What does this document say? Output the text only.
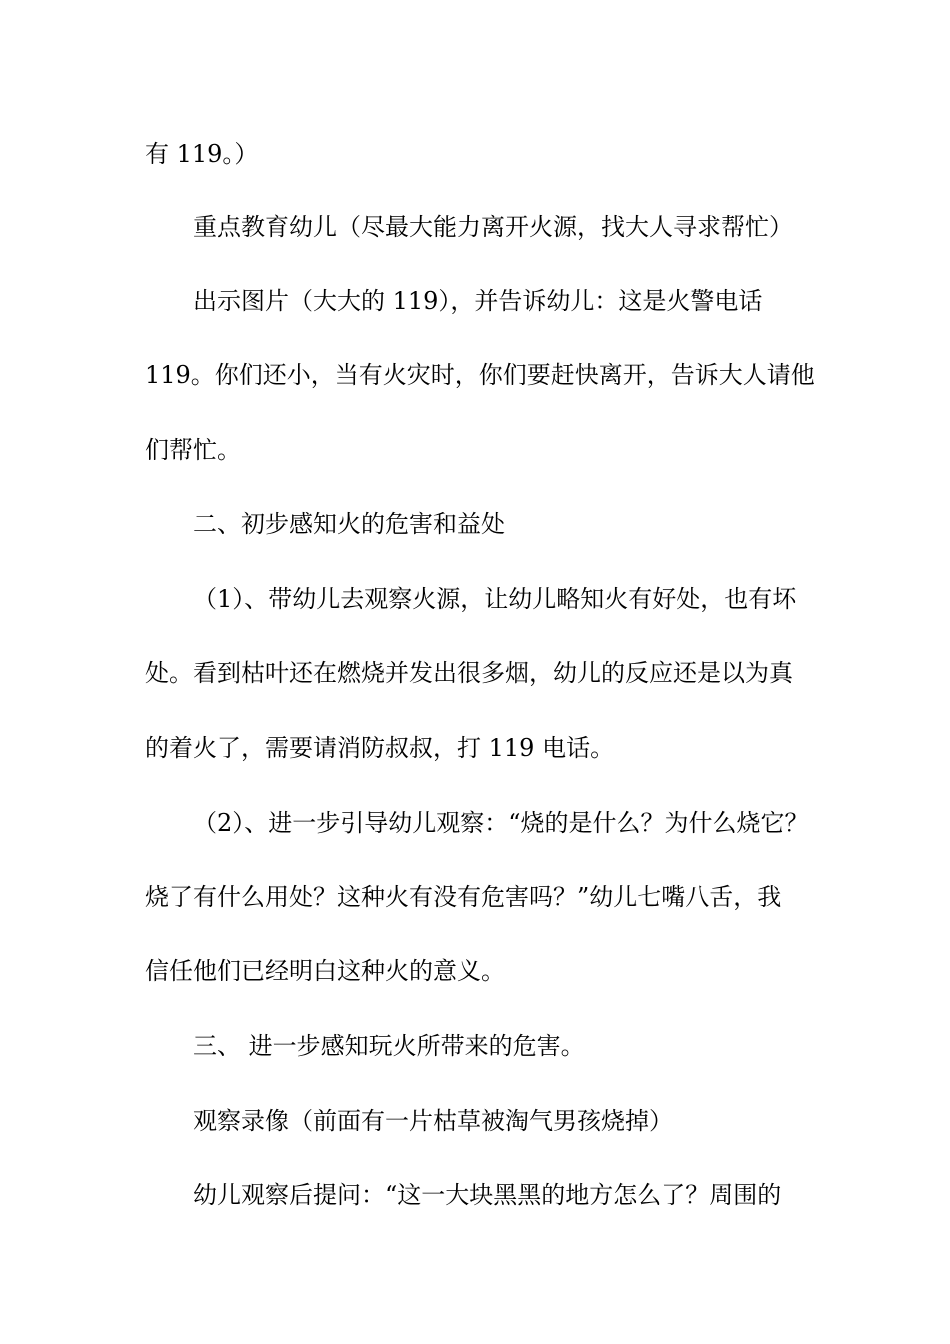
有 119。）
重点教育幼儿（尽最大能力离开火源，找大人寻求帮忙）
出示图片（大大的 119），并告诉幼儿：这是火警电话
119。你们还小，当有火灾时，你们要赶快离开，告诉大人请他
们帮忙。
二、初步感知火的危害和益处
（1）、带幼儿去观察火源，让幼儿略知火有好处，也有坏
处。看到枯叶还在燃烧并发出很多烟，幼儿的反应还是以为真
的着火了，需要请消防叔叔，打 119 电话。
（2）、进一步引导幼儿观察：“烧的是什么？为什么烧它？
烧了有什么用处？这种火有没有危害吗？”幼儿七嘴八舌，我
信任他们已经明白这种火的意义。
三、 进一步感知玩火所带来的危害。
观察录像（前面有一片枯草被淘气男孩烧掉）
幼儿观察后提问：“这一大块黑黑的地方怎么了？周围的
